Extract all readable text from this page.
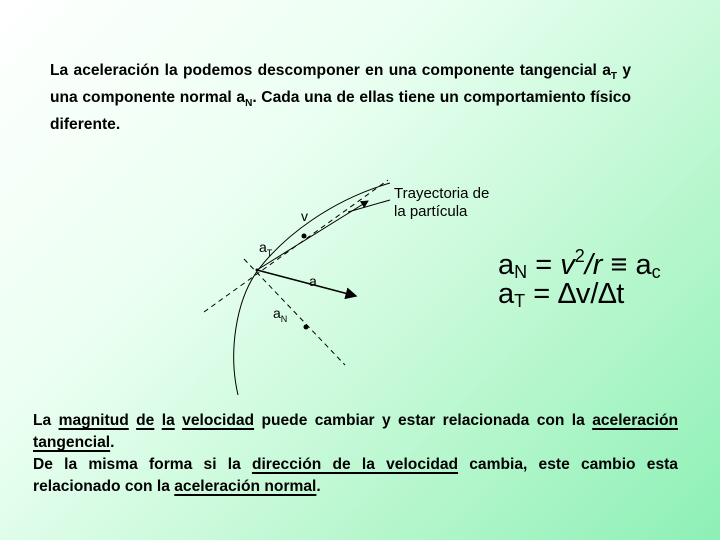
La aceleración la podemos descomponer en una componente tangencial $a_T$ y una componente normal $a_N$. Cada una de ellas tiene un comportamiento físico diferente.
Trayectoria de la partícula
v
$a_T$
a
$a_N$
$a_N = v^2/r \equiv a_c$
$a_T = \Delta v/\Delta t$
La magnitud de la velocidad puede cambiar y estar relacionada con la aceleración tangencial.
De la misma forma si la dirección de la velocidad cambia, este cambio esta relacionado con la aceleración normal.
